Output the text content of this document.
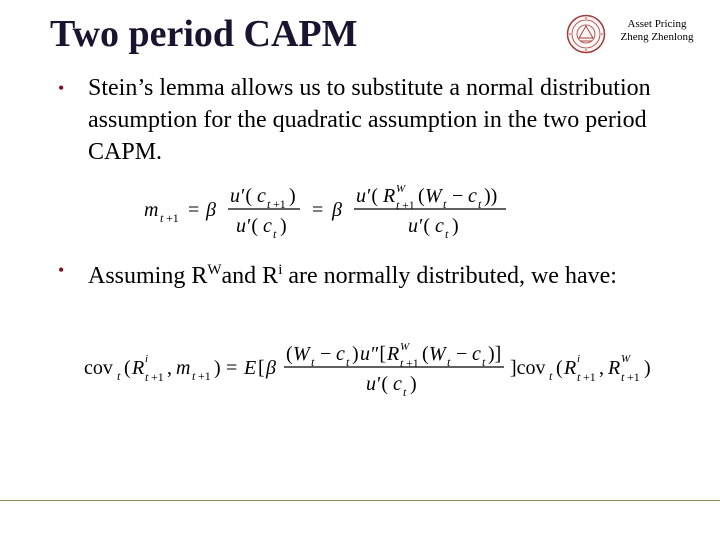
Two period CAPM	Asset Pricing
Zheng Zhenlong
• Stein’s lemma allows us to substitute a normal distribution assumption for the quadratic assumption in the two period CAPM.
m t +1 = β
u ′( c t +1 )
u ′( c t )
= β
u ′( R W
t +1 ( W t − c t ))
u ′( c t )
• Assuming $R^Wand$ $R^i$ are normally distributed, we have:
cov t ( R i
t +1 , m t +1 ) = E [ β
( W t − c t ) u ″[ R W
t +1 ( W t − c t )]
u ′( c t )
]cov t ( R i
t +1 , R W
t +1 )
